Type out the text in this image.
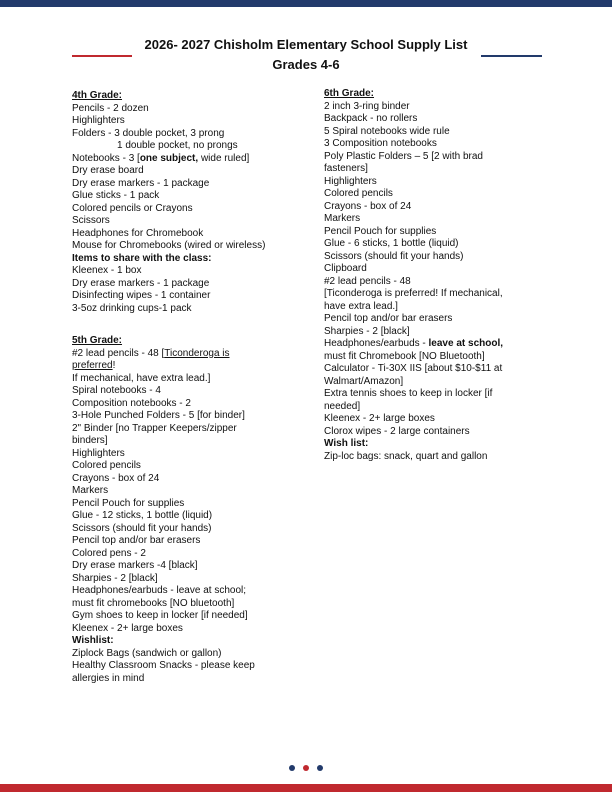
2026- 2027 Chisholm Elementary School Supply List
Grades 4-6
4th Grade:
Pencils - 2 dozen
Highlighters
Folders - 3 double pocket, 3 prong
1 double pocket, no prongs
Notebooks - 3 [one subject, wide ruled]
Dry erase board
Dry erase markers - 1 package
Glue sticks - 1 pack
Colored pencils or Crayons
Scissors
Headphones for Chromebook
Mouse for Chromebooks (wired or wireless)
Items to share with the class:
Kleenex - 1 box
Dry erase markers - 1 package
Disinfecting wipes - 1 container
3-5oz drinking cups-1 pack
5th Grade:
#2 lead pencils - 48 [Ticonderoga is
preferred!
If mechanical, have extra lead.]
Spiral notebooks - 4
Composition notebooks - 2
3-Hole Punched Folders - 5 [for binder]
2" Binder [no Trapper Keepers/zipper
binders]
Highlighters
Colored pencils
Crayons - box of 24
Markers
Pencil Pouch for supplies
Glue - 12 sticks, 1 bottle (liquid)
Scissors (should fit your hands)
Pencil top and/or bar erasers
Colored pens - 2
Dry erase markers -4 [black]
Sharpies - 2 [black]
Headphones/earbuds - leave at school;
must fit chromebooks [NO bluetooth]
Gym shoes to keep in locker [if needed]
Kleenex - 2+ large boxes
Wishlist:
Ziplock Bags (sandwich or gallon)
Healthy Classroom Snacks - please keep
allergies in mind
6th Grade:
2 inch 3-ring binder
Backpack - no rollers
5 Spiral notebooks wide rule
3 Composition notebooks
Poly Plastic Folders – 5 [2 with brad
fasteners]
Highlighters
Colored pencils
Crayons - box of 24
Markers
Pencil Pouch for supplies
Glue - 6 sticks, 1 bottle (liquid)
Scissors (should fit your hands)
Clipboard
#2 lead pencils - 48
[Ticonderoga is preferred! If mechanical,
have extra lead.]
Pencil top and/or bar erasers
Sharpies - 2 [black]
Headphones/earbuds - leave at school,
must fit Chromebook [NO Bluetooth]
Calculator - Ti-30X IIS [about $10-$11 at
Walmart/Amazon]
Extra tennis shoes to keep in locker [if
needed]
Kleenex - 2+ large boxes
Clorox wipes - 2 large containers
Wish list:
Zip-loc bags: snack, quart and gallon
